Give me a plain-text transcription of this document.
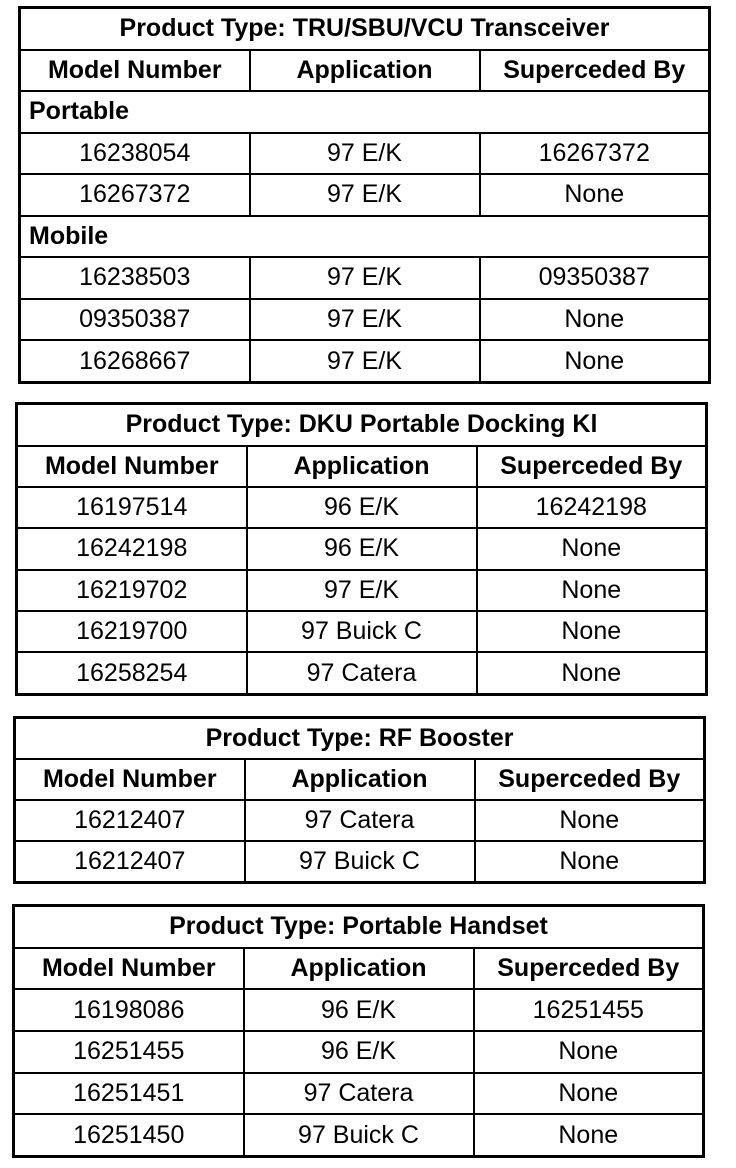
Product Type: TRU/SBU/VCU Transceiver		
Model Number	Application	Superceded By
Portable		
16238054	97 E/K	16267372
16267372	97 E/K	None
Mobile		
16238503	97 E/K	09350387
09350387	97 E/K	None
16268667	97 E/K	None
Product Type: DKU Portable Docking Kl		
Model Number	Application	Superceded By
16197514	96 E/K	16242198
16242198	96 E/K	None
16219702	97 E/K	None
16219700	97 Buick C	None
16258254	97 Catera	None
Product Type: RF Booster		
Model Number	Application	Superceded By
16212407	97 Catera	None
16212407	97 Buick C	None
Product Type: Portable Handset		
Model Number	Application	Superceded By
16198086	96 E/K	16251455
16251455	96 E/K	None
16251451	97 Catera	None
16251450	97 Buick C	None
